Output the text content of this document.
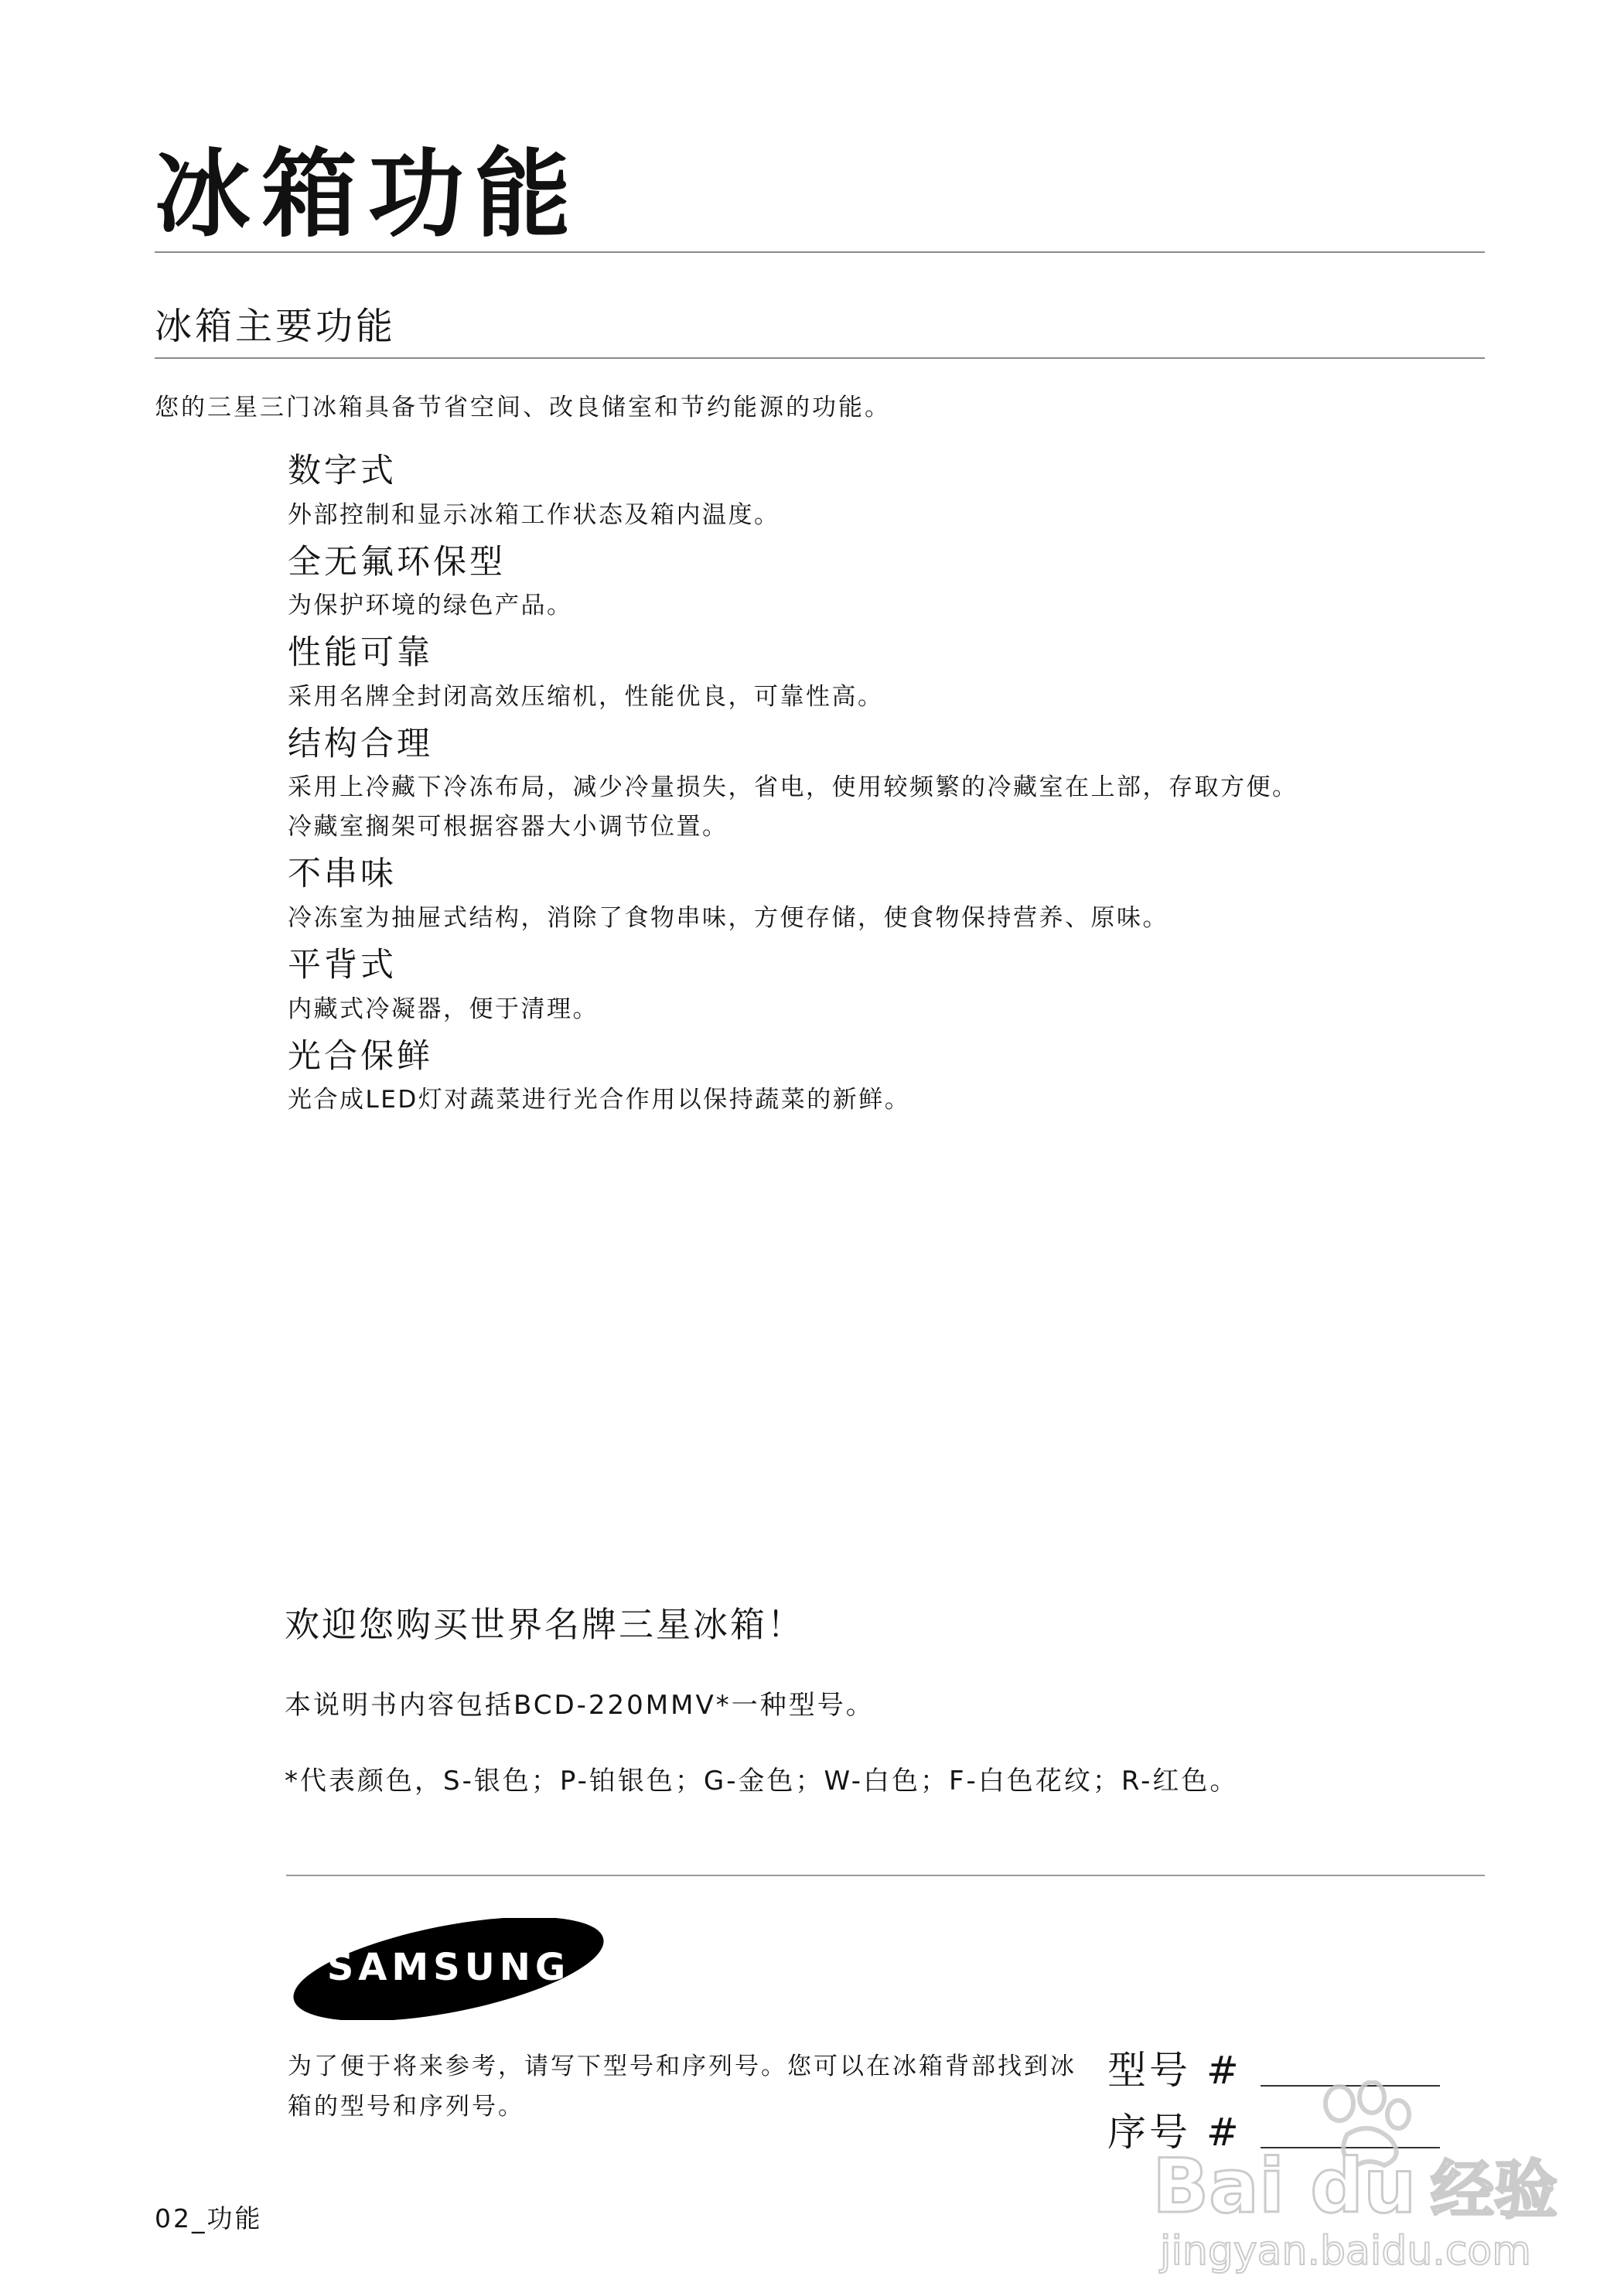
冰箱功能
冰箱主要功能
您的三星三门冰箱具备节省空间、改良储室和节约能源的功能。
数字式
外部控制和显示冰箱工作状态及箱内温度。
全无氟环保型
为保护环境的绿色产品。
性能可靠
采用名牌全封闭高效压缩机，性能优良，可靠性高。
结构合理
采用上冷藏下冷冻布局，减少冷量损失，省电，使用较频繁的冷藏室在上部，存取方便。
冷藏室搁架可根据容器大小调节位置。
不串味
冷冻室为抽屉式结构，消除了食物串味，方便存储，使食物保持营养、原味。
平背式
内藏式冷凝器，便于清理。
光合保鲜
光合成LED灯对蔬菜进行光合作用以保持蔬菜的新鲜。
欢迎您购买世界名牌三星冰箱！
本说明书内容包括BCD-220MMV*一种型号。
*代表颜色，S-银色；P-铂银色；G-金色；W-白色；F-白色花纹；R-红色。
SAMSUNG
为了便于将来参考，请写下型号和序列号。您可以在冰箱背部找到冰箱的型号和序列号。
型号 #
序号 #
02_功能	Bai du 经验
jingyan.baidu.com
